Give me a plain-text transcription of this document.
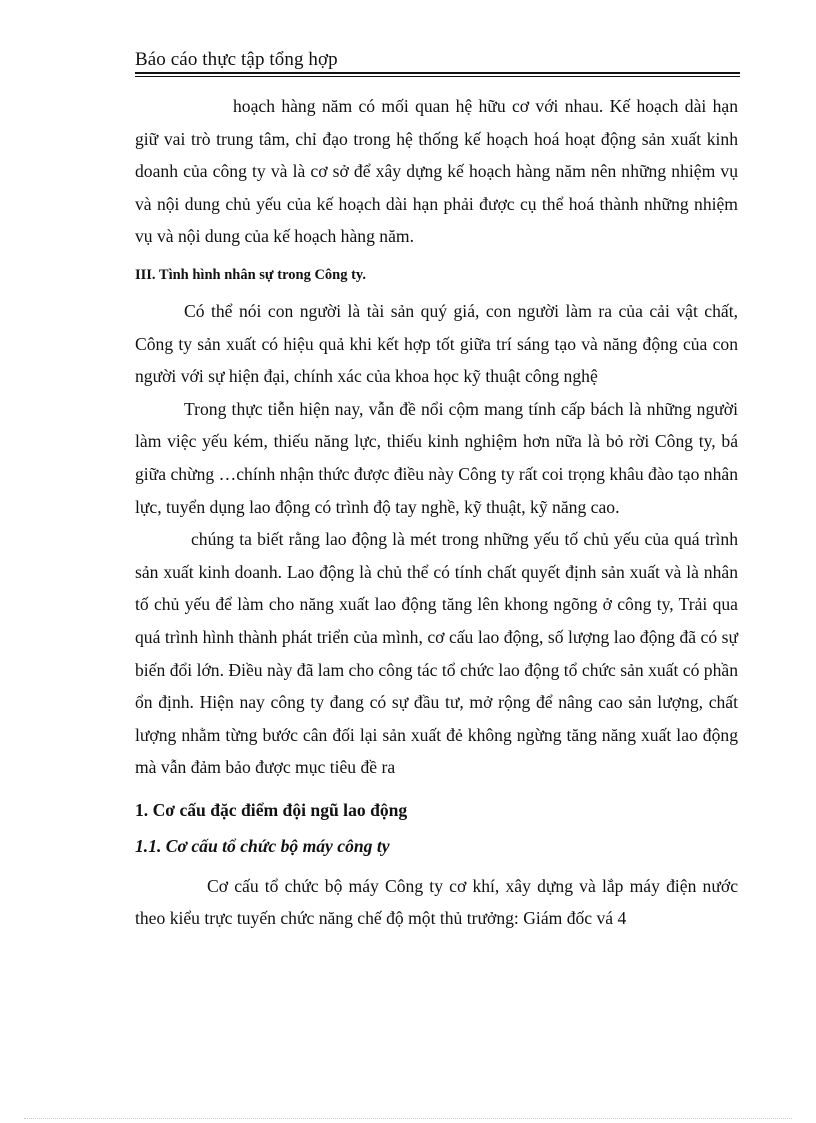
Báo cáo thực tập tổng hợp

hoạch hàng năm có mối quan hệ hữu cơ với nhau. Kế hoạch dài hạn giữ vai trò trung tâm, chỉ đạo trong hệ thống kế hoạch hoá hoạt động sản xuất kinh doanh của công ty và là cơ sở để xây dựng kế hoạch hàng năm nên những nhiệm vụ và nội dung chủ yếu của kế hoạch dài hạn phải được cụ thể hoá thành những nhiệm vụ và nội dung của kế hoạch hàng năm.

III. Tình hình nhân sự trong Công ty.

Có thể nói con người là tài sản quý giá, con người làm ra của cải vật chất, Công ty sản xuất có hiệu quả khi kết hợp tốt giữa trí sáng tạo và năng động của con người với sự hiện đại, chính xác của khoa học kỹ thuật công nghệ

Trong thực tiễn hiện nay, vẫn đề nổi cộm mang tính cấp bách là những người làm việc yếu kém, thiếu năng lực, thiếu kinh nghiệm hơn nữa là bỏ rời Công ty, bá giữa chừng …chính nhận thức được điều này Công ty rất coi trọng khâu đào tạo nhân lực, tuyển dụng lao động có trình độ tay nghề, kỹ thuật, kỹ năng cao.

chúng ta biết rằng lao động là mét trong những yếu tố chủ yếu của quá trình sản xuất kinh doanh. Lao động là chủ thể có tính chất quyết định sản xuất và là nhân tố chủ yếu để làm cho năng xuất lao động tăng lên khong ngõng ở công ty, Trải qua quá trình hình thành phát triển của mình, cơ cấu lao động, số lượng lao động đã có sự biến đổi lớn. Điều này đã lam cho công tác tổ chức lao động tổ chức sản xuất có phần ổn định. Hiện nay công ty đang có sự đầu tư, mở rộng để nâng cao sản lượng, chất lượng nhằm từng bước cân đối lại sản xuất đẻ không ngừng tăng năng xuất lao động mà vẫn đảm bảo được mục tiêu đề ra

1. Cơ cấu đặc điểm đội ngũ lao động

1.1. Cơ cấu tổ chức bộ máy công ty

Cơ cấu tổ chức bộ máy Công ty cơ khí, xây dựng và lắp máy điện nước theo kiểu trực tuyến chức năng chế độ một thủ trưởng: Giám đốc vá 4
